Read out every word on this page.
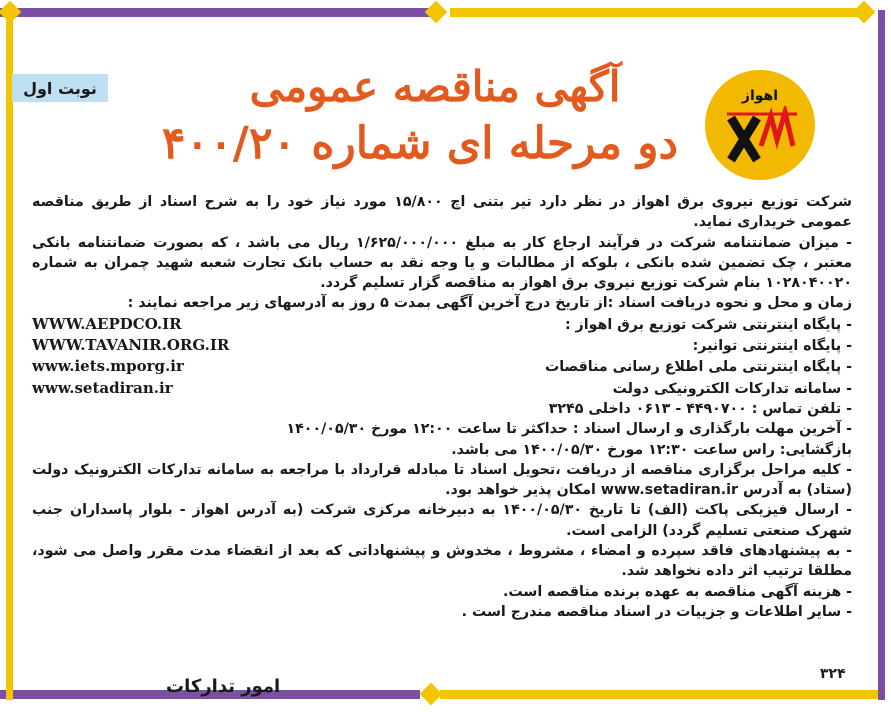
نوبت اول	اهواز
آگهی مناقصه عمومی
دو مرحله ای شماره ۴۰۰/۲۰

شرکت توزیع نیروی برق اهواز در نظر دارد تیر بتنی اچ ۱۵/۸۰۰ مورد نیاز خود را به شرح اسناد از طریق مناقصه عمومی خریداری نماید.

- میزان ضمانتنامه شرکت در فرآیند ارجاع کار به مبلغ ۱/۶۲۵/۰۰۰/۰۰۰ ریال می باشد ، که بصورت ضمانتنامه بانکی معتبر ، چک تضمین شده بانکی ، بلوکه از مطالبات و یا وجه نقد به حساب بانک تجارت شعبه شهید چمران به شماره ۱۰۲۸۰۴۰۰۲۰ بنام شرکت توزیع نیروی برق اهواز به مناقصه گزار تسلیم گردد.

زمان و محل و نحوه دریافت اسناد :از تاریخ درج آخرین آگهی بمدت ۵ روز به آدرسهای زیر مراجعه نمایند :

- پایگاه اینترنتی شرکت توزیع برق اهواز :
WWW.AEPDCO.IR
- پایگاه اینترنتی توانیر:
WWW.TAVANIR.ORG.IR
- پایگاه اینترنتی ملی اطلاع رسانی مناقصات
www.iets.mporg.ir
- سامانه تدارکات الکترونیکی دولت
www.setadiran.ir

- تلفن تماس : ۴۴۹۰۷۰۰ - ۰۶۱۳ داخلی ۳۲۴۵

- آخرین مهلت بارگذاری و ارسال اسناد : حداکثر تا ساعت ۱۲:۰۰ مورخ ۱۴۰۰/۰۵/۳۰

بازگشایی: راس ساعت ۱۲:۳۰ مورخ ۱۴۰۰/۰۵/۳۰ می باشد.

- کلیه مراحل برگزاری مناقصه از دریافت ،تحویل اسناد تا مبادله قرارداد با مراجعه به سامانه تدارکات الکترونیک دولت (ستاد) به آدرس www.setadiran.ir امکان پذیر خواهد بود.

- ارسال فیزیکی پاکت (الف) تا تاریخ ۱۴۰۰/۰۵/۳۰ به دبیرخانه مرکزی شرکت (به آدرس اهواز - بلوار پاسداران جنب شهرک صنعتی تسلیم گردد) الزامی است.

- به پیشنهادهای فاقد سپرده و امضاء ، مشروط ، مخدوش و پیشنهاداتی که بعد از انقضاء مدت مقرر واصل می شود، مطلقا ترتیب اثر داده نخواهد شد.

- هزینه آگهی مناقصه به عهده برنده مناقصه است.

- سایر اطلاعات و جزییات در اسناد مناقصه مندرج است .

۳۲۴
امور تدارکات
